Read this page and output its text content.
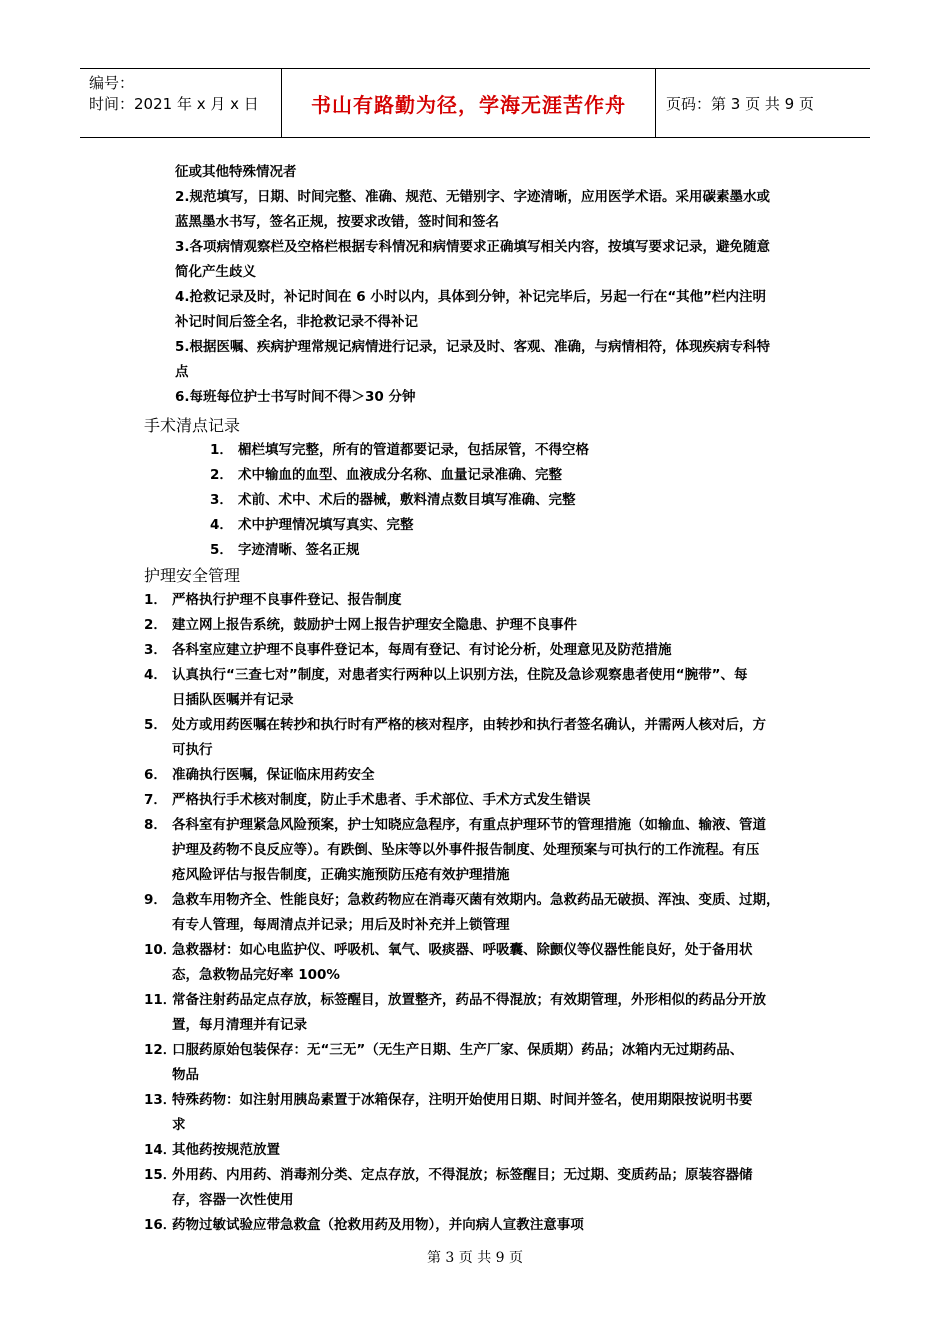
编号：
时间：2021 年 x 月 x 日	书山有路勤为径，学海无涯苦作舟	页码：第 3 页 共 9 页
征或其他特殊情况者
2.规范填写，日期、时间完整、准确、规范、无错别字、字迹清晰，应用医学术语。采用碳素墨水或
蓝黑墨水书写，签名正规，按要求改错，签时间和签名
3.各项病情观察栏及空格栏根据专科情况和病情要求正确填写相关内容，按填写要求记录，避免随意
简化产生歧义
4.抢救记录及时，补记时间在 6 小时以内，具体到分钟，补记完毕后，另起一行在“其他”栏内注明
补记时间后签全名，非抢救记录不得补记
5.根据医嘱、疾病护理常规记病情进行记录，记录及时、客观、准确，与病情相符，体现疾病专科特
点
6.每班每位护士书写时间不得＞30 分钟
手术清点记录
1． 楣栏填写完整，所有的管道都要记录，包括尿管，不得空格
2． 术中输血的血型、血液成分名称、血量记录准确、完整
3． 术前、术中、术后的器械，敷料清点数目填写准确、完整
4． 术中护理情况填写真实、完整
5． 字迹清晰、签名正规
护理安全管理
1． 严格执行护理不良事件登记、报告制度
2． 建立网上报告系统，鼓励护士网上报告护理安全隐患、护理不良事件
3． 各科室应建立护理不良事件登记本，每周有登记、有讨论分析，处理意见及防范措施
4． 认真执行“三查七对”制度，对患者实行两种以上识别方法，住院及急诊观察患者使用“腕带”、每
日插队医嘱并有记录
5． 处方或用药医嘱在转抄和执行时有严格的核对程序，由转抄和执行者签名确认，并需两人核对后，方
可执行
6． 准确执行医嘱，保证临床用药安全
7． 严格执行手术核对制度，防止手术患者、手术部位、手术方式发生错误
8． 各科室有护理紧急风险预案，护士知晓应急程序，有重点护理环节的管理措施（如输血、输液、管道
护理及药物不良反应等）。有跌倒、坠床等以外事件报告制度、处理预案与可执行的工作流程。有压
疮风险评估与报告制度，正确实施预防压疮有效护理措施
9． 急救车用物齐全、性能良好；急救药物应在消毒灭菌有效期内。急救药品无破损、浑浊、变质、过期，
有专人管理，每周清点并记录；用后及时补充并上锁管理
10．
急救器材：如心电监护仪、呼吸机、氧气、吸痰器、呼吸囊、除颤仪等仪器性能良好，处于备用状
态，急救物品完好率 100%
11．
常备注射药品定点存放，标签醒目，放置整齐，药品不得混放；有效期管理，外形相似的药品分开放
置，每月清理并有记录
12．
口服药原始包装保存：无“三无”（无生产日期、生产厂家、保质期）药品；冰箱内无过期药品、
物品
13．
特殊药物：如注射用胰岛素置于冰箱保存，注明开始使用日期、时间并签名，使用期限按说明书要
求
14．
其他药按规范放置
15．
外用药、内用药、消毒剂分类、定点存放，不得混放；标签醒目；无过期、变质药品；原装容器储
存，容器一次性使用
16．
药物过敏试验应带急救盒（抢救用药及用物），并向病人宣教注意事项
第 3 页 共 9 页
